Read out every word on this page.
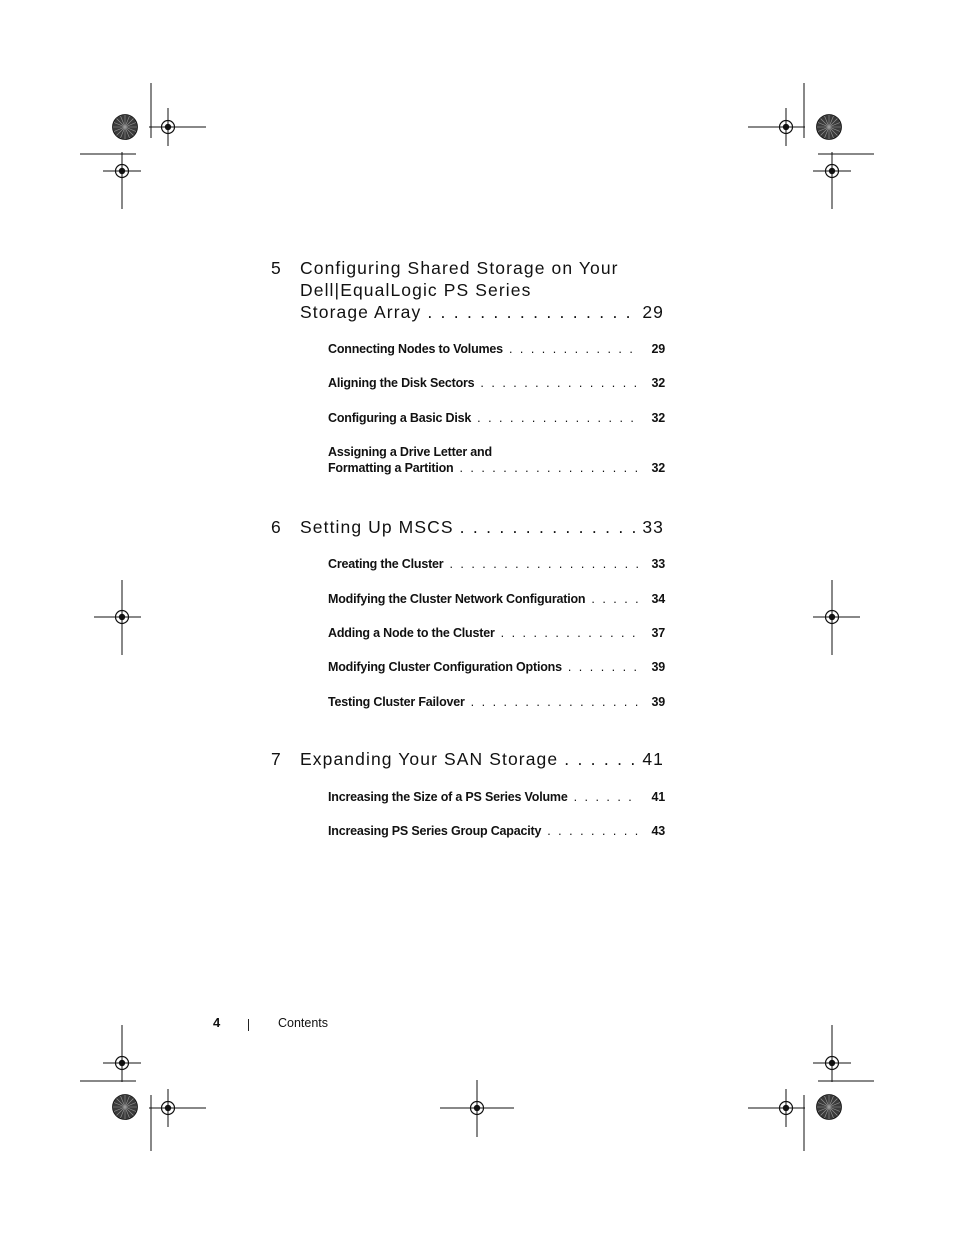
5 Configuring Shared Storage on Your
Dell|EqualLogic PS Series
Storage Array . . .	29
Connecting Nodes to Volumes . . .	29
Aligning the Disk Sectors . . .	32
Configuring a Basic Disk . . .	32
Assigning a Drive Letter and
Formatting a Partition . . .	32
6 Setting Up MSCS . . .	33
Creating the Cluster . . .	33
Modifying the Cluster Network Configuration . . .	34
Adding a Node to the Cluster . . .	37
Modifying Cluster Configuration Options . . .	39
Testing Cluster Failover . . .	39
7 Expanding Your SAN Storage . . .	41
Increasing the Size of a PS Series Volume . . .	41
Increasing PS Series Group Capacity . . .	43
4	Contents
